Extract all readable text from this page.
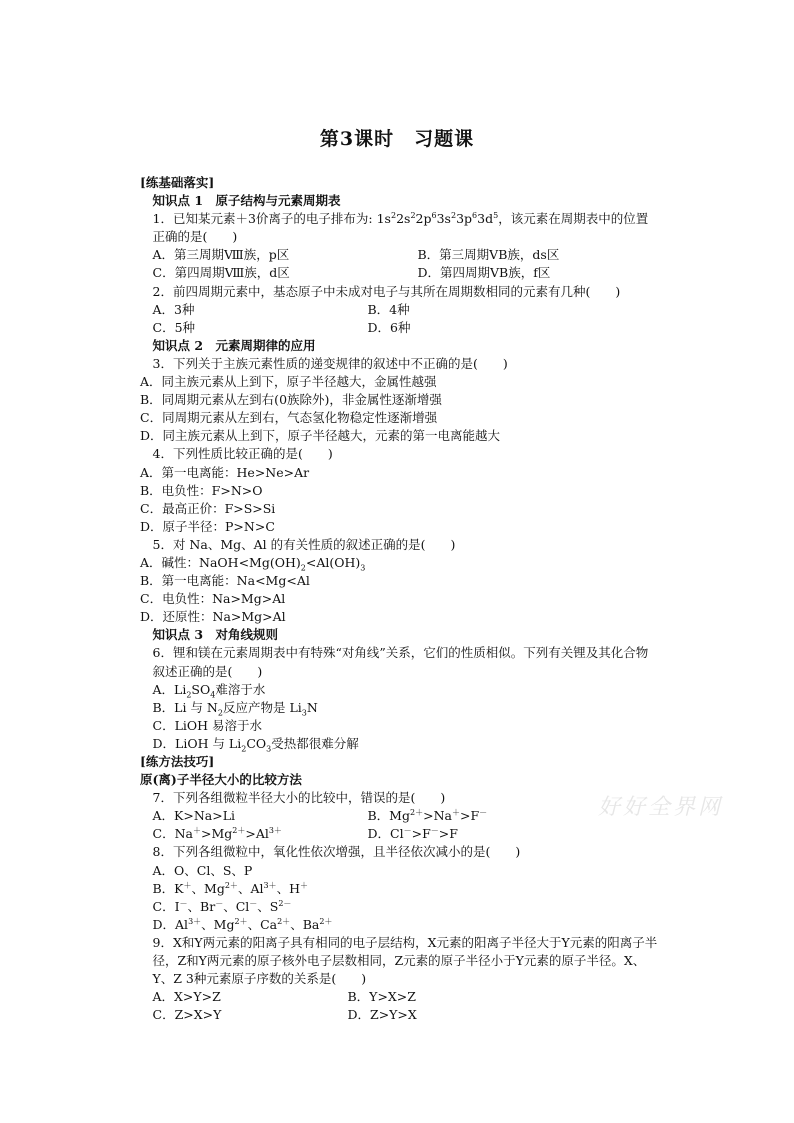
第3课时 习题课
[练基础落实]
知识点 1　原子结构与元素周期表
1．已知某元素＋3价离子的电子排布为: $1s^22s^22p^63s^23p^63d^5$，该元素在周期表中的位置正确的是(　　)
A．第三周期Ⅷ族，p区	B．第三周期ⅤB族，ds区
C．第四周期Ⅷ族，d区	D．第四周期ⅤB族，f区
2．前四周期元素中，基态原子中未成对电子与其所在周期数相同的元素有几种(　　)
A．3种	B．4种
C．5种	D．6种
知识点 2　元素周期律的应用
3．下列关于主族元素性质的递变规律的叙述中不正确的是(　　)
A．同主族元素从上到下，原子半径越大，金属性越强
B．同周期元素从左到右(0族除外)，非金属性逐渐增强
C．同周期元素从左到右，气态氢化物稳定性逐渐增强
D．同主族元素从上到下，原子半径越大，元素的第一电离能越大
4．下列性质比较正确的是(　　)
A．第一电离能：He>Ne>Ar
B．电负性：F>N>O
C．最高正价：F>S>Si
D．原子半径：P>N>C
5．对 Na、Mg、Al 的有关性质的叙述正确的是(　　)
A．碱性：$NaOH<Mg(OH)_2<Al(OH)_3$
B．第一电离能：Na<Mg<Al
C．电负性：Na>Mg>Al
D．还原性：Na>Mg>Al
知识点 3　对角线规则
6．锂和镁在元素周期表中有特殊“对角线”关系，它们的性质相似。下列有关锂及其化合物叙述正确的是(　　)
A．$Li_2SO_4$难溶于水
B．Li 与 $N_2$反应产物是 $Li_3N$
C．LiOH 易溶于水
D．LiOH 与 $Li_2CO_3$受热都很难分解
[练方法技巧]
原(离)子半径大小的比较方法
7．下列各组微粒半径大小的比较中，错误的是(　　)
A．K>Na>Li	B．$Mg^{2+}>Na^+>F^-$
C．$Na^+>Mg^{2+}>Al^{3+}$	D．Cl－>F－>F
8．下列各组微粒中，氧化性依次增强，且半径依次减小的是(　　)
A．O、Cl、S、P
B．K＋、$Mg^{2+}$、$Al^{3+}$、H＋
C．I－、Br－、Cl－、$S^{2-}$
D．$Al^{3+}$、$Mg^{2+}$、$Ca^{2+}$、$Ba^{2+}$
9．X和Y两元素的阳离子具有相同的电子层结构，X元素的阳离子半径大于Y元素的阳离子半径，Z和Y两元素的原子核外电子层数相同，Z元素的原子半径小于Y元素的原子半径。X、Y、Z 3种元素原子序数的关系是(　　)
A．X>Y>Z	B．Y>X>Z
C．Z>X>Y	D．Z>Y>X
好好全界网
